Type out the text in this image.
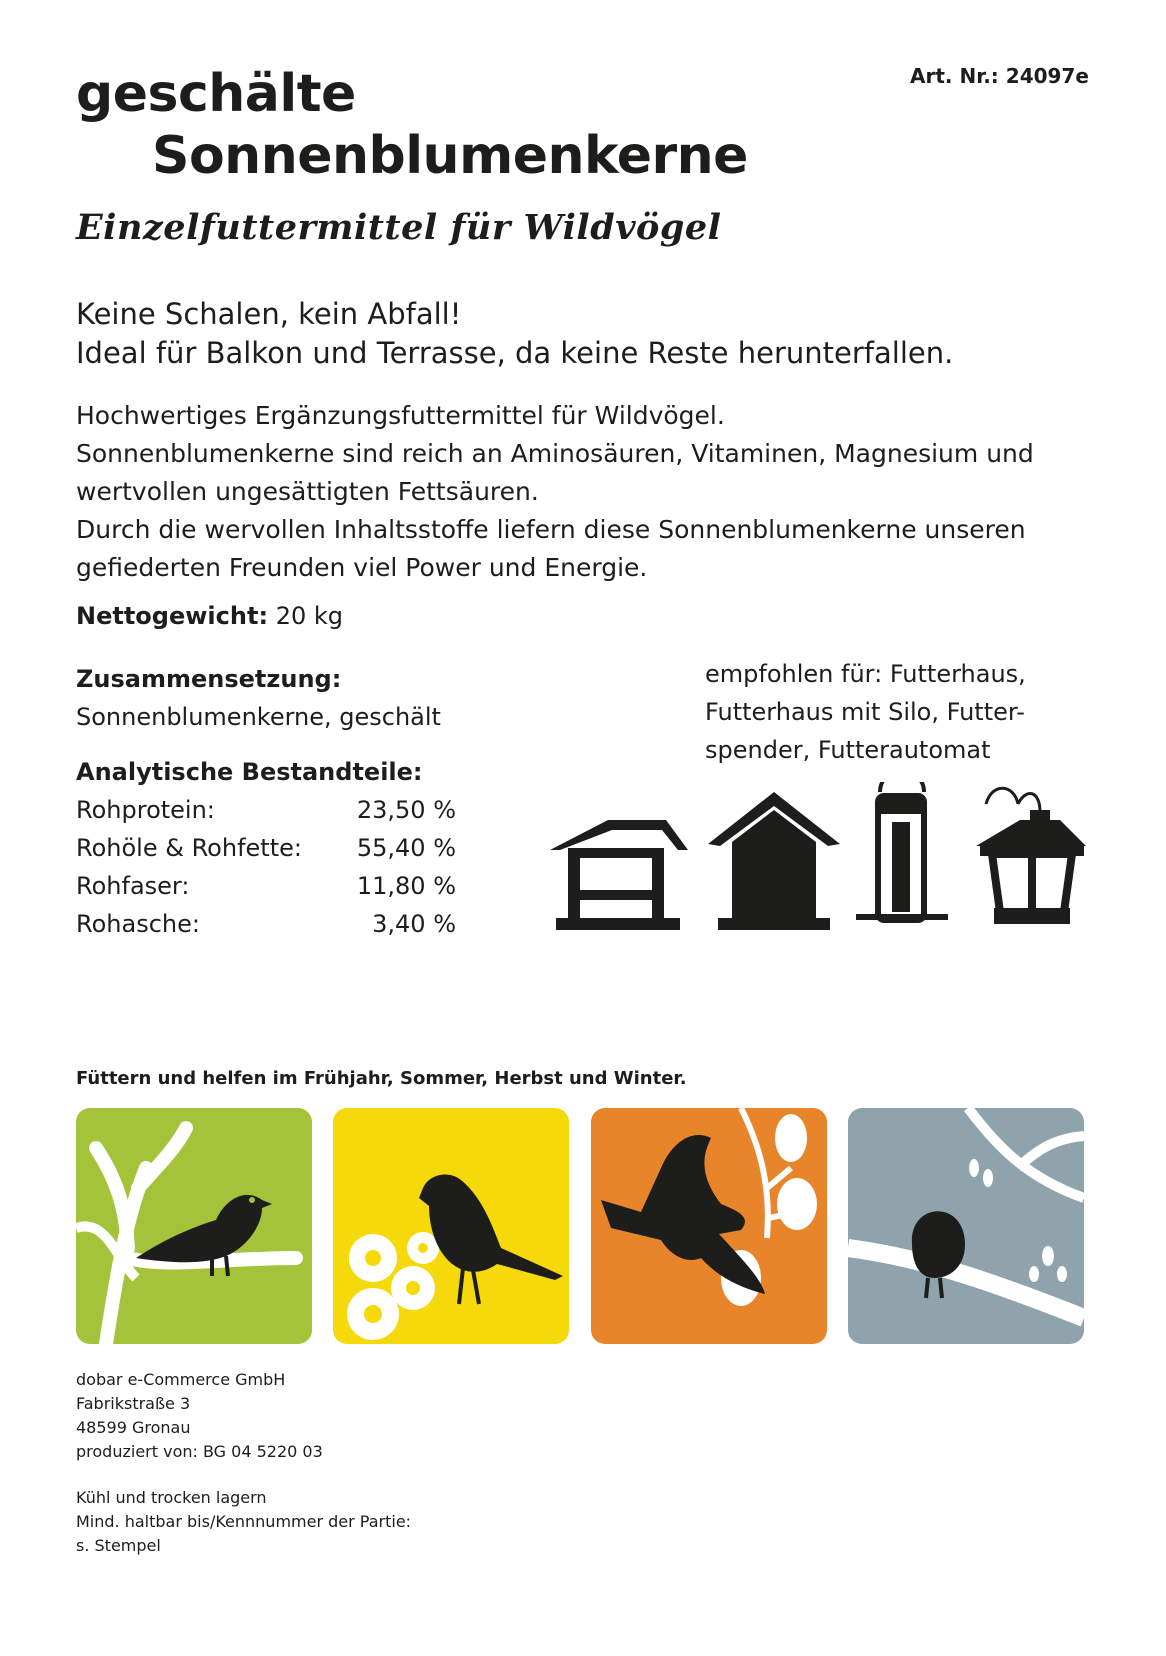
Art. Nr.: 24097e
geschälte
Sonnenblumenkerne
Einzelfuttermittel für Wildvögel
Keine Schalen, kein Abfall!
Ideal für Balkon und Terrasse, da keine Reste herunterfallen.
Hochwertiges Ergänzungsfuttermittel für Wildvögel.
Sonnenblumenkerne sind reich an Aminosäuren, Vitaminen, Magnesium und
wertvollen ungesättigten Fettsäuren.
Durch die wervollen Inhaltsstoffe liefern diese Sonnenblumenkerne unseren
gefiederten Freunden viel Power und Energie.
Nettogewicht: 20 kg
Zusammensetzung:
Sonnenblumenkerne, geschält
Analytische Bestandteile:
Rohprotein:	23,50 %
Rohöle & Rohfette: 55,40 %
Rohfaser:	11,80 %
Rohasche:	3,40 %
empfohlen für: Futterhaus,
Futterhaus mit Silo, Futter-
spender, Futterautomat
Füttern und helfen im Frühjahr, Sommer, Herbst und Winter.
dobar e-Commerce GmbH
Fabrikstraße 3
48599 Gronau
produziert von: BG 04 5220 03
Kühl und trocken lagern
Mind. haltbar bis/Kennnummer der Partie:
s. Stempel
